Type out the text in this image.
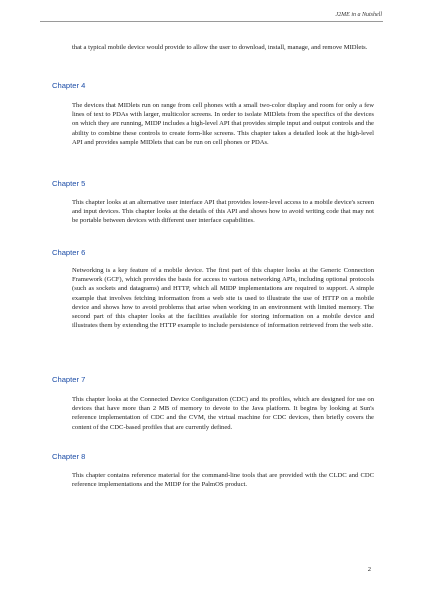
J2ME in a Nutshell

that a typical mobile device would provide to allow the user to download, install, manage, and remove MIDlets.

Chapter 4

The devices that MIDlets run on range from cell phones with a small two-color display and room for only a few lines of text to PDAs with larger, multicolor screens. In order to isolate MIDlets from the specifics of the devices on which they are running, MIDP includes a high-level API that provides simple input and output controls and the ability to combine these controls to create form-like screens. This chapter takes a detailed look at the high-level API and provides sample MIDlets that can be run on cell phones or PDAs.

Chapter 5

This chapter looks at an alternative user interface API that provides lower-level access to a mobile device's screen and input devices. This chapter looks at the details of this API and shows how to avoid writing code that may not be portable between devices with different user interface capabilities.

Chapter 6

Networking is a key feature of a mobile device. The first part of this chapter looks at the Generic Connection Framework (GCF), which provides the basis for access to various networking APIs, including optional protocols (such as sockets and datagrams) and HTTP, which all MIDP implementations are required to support. A simple example that involves fetching information from a web site is used to illustrate the use of HTTP on a mobile device and shows how to avoid problems that arise when working in an environment with limited memory. The second part of this chapter looks at the facilities available for storing information on a mobile device and illustrates them by extending the HTTP example to include persistence of information retrieved from the web site.

Chapter 7

This chapter looks at the Connected Device Configuration (CDC) and its profiles, which are designed for use on devices that have more than 2 MB of memory to devote to the Java platform. It begins by looking at Sun's reference implementation of CDC and the CVM, the virtual machine for CDC devices, then briefly covers the content of the CDC-based profiles that are currently defined.

Chapter 8

This chapter contains reference material for the command-line tools that are provided with the CLDC and CDC reference implementations and the MIDP for the PalmOS product.

2
